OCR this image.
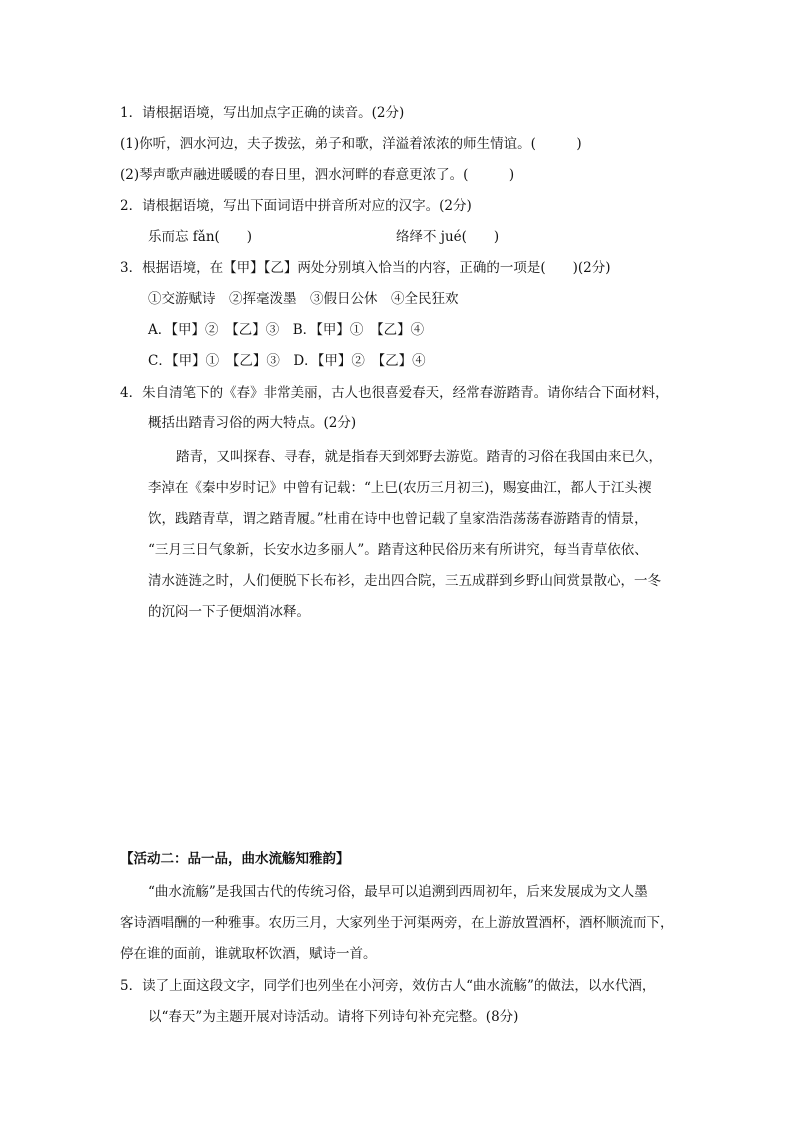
1．请根据语境，写出加点字正确的读音。(2分)
(1)你听，泗水河边，夫子拨弦，弟子和歌，洋溢着浓浓的师生情谊。(　　　)
(2)琴声歌声融进暖暖的春日里，泗水河畔的春意更浓了。(　　　)
2．请根据语境，写出下面词语中拼音所对应的汉字。(2分)
乐而忘 fǎn(　　)	络绎不 jué(　　)
3．根据语境，在【甲】【乙】两处分别填入恰当的内容，正确的一项是(　　)(2分)
①交游赋诗　②挥毫泼墨　③假日公休　④全民狂欢
A．【甲】②　【乙】③　B．【甲】①　【乙】④
C．【甲】①　【乙】③　D．【甲】②　【乙】④
4．朱自清笔下的《春》非常美丽，古人也很喜爱春天，经常春游踏青。请你结合下面材料，
概括出踏青习俗的两大特点。(2分)
踏青，又叫探春、寻春，就是指春天到郊野去游览。踏青的习俗在我国由来已久，
李淖在《秦中岁时记》中曾有记载：“上巳(农历三月初三)，赐宴曲江，都人于江头禊
饮，践踏青草，谓之踏青履。”杜甫在诗中也曾记载了皇家浩浩荡荡春游踏青的情景，
“三月三日气象新，长安水边多丽人”。踏青这种民俗历来有所讲究，每当青草依依、
清水涟涟之时，人们便脱下长布衫，走出四合院，三五成群到乡野山间赏景散心，一冬
的沉闷一下子便烟消冰释。
【活动二：品一品，曲水流觞知雅韵】
“曲水流觞”是我国古代的传统习俗，最早可以追溯到西周初年，后来发展成为文人墨
客诗酒唱酬的一种雅事。农历三月，大家列坐于河渠两旁，在上游放置酒杯，酒杯顺流而下，
停在谁的面前，谁就取杯饮酒，赋诗一首。
5．读了上面这段文字，同学们也列坐在小河旁，效仿古人“曲水流觞”的做法，以水代酒，
以“春天”为主题开展对诗活动。请将下列诗句补充完整。(8分)
